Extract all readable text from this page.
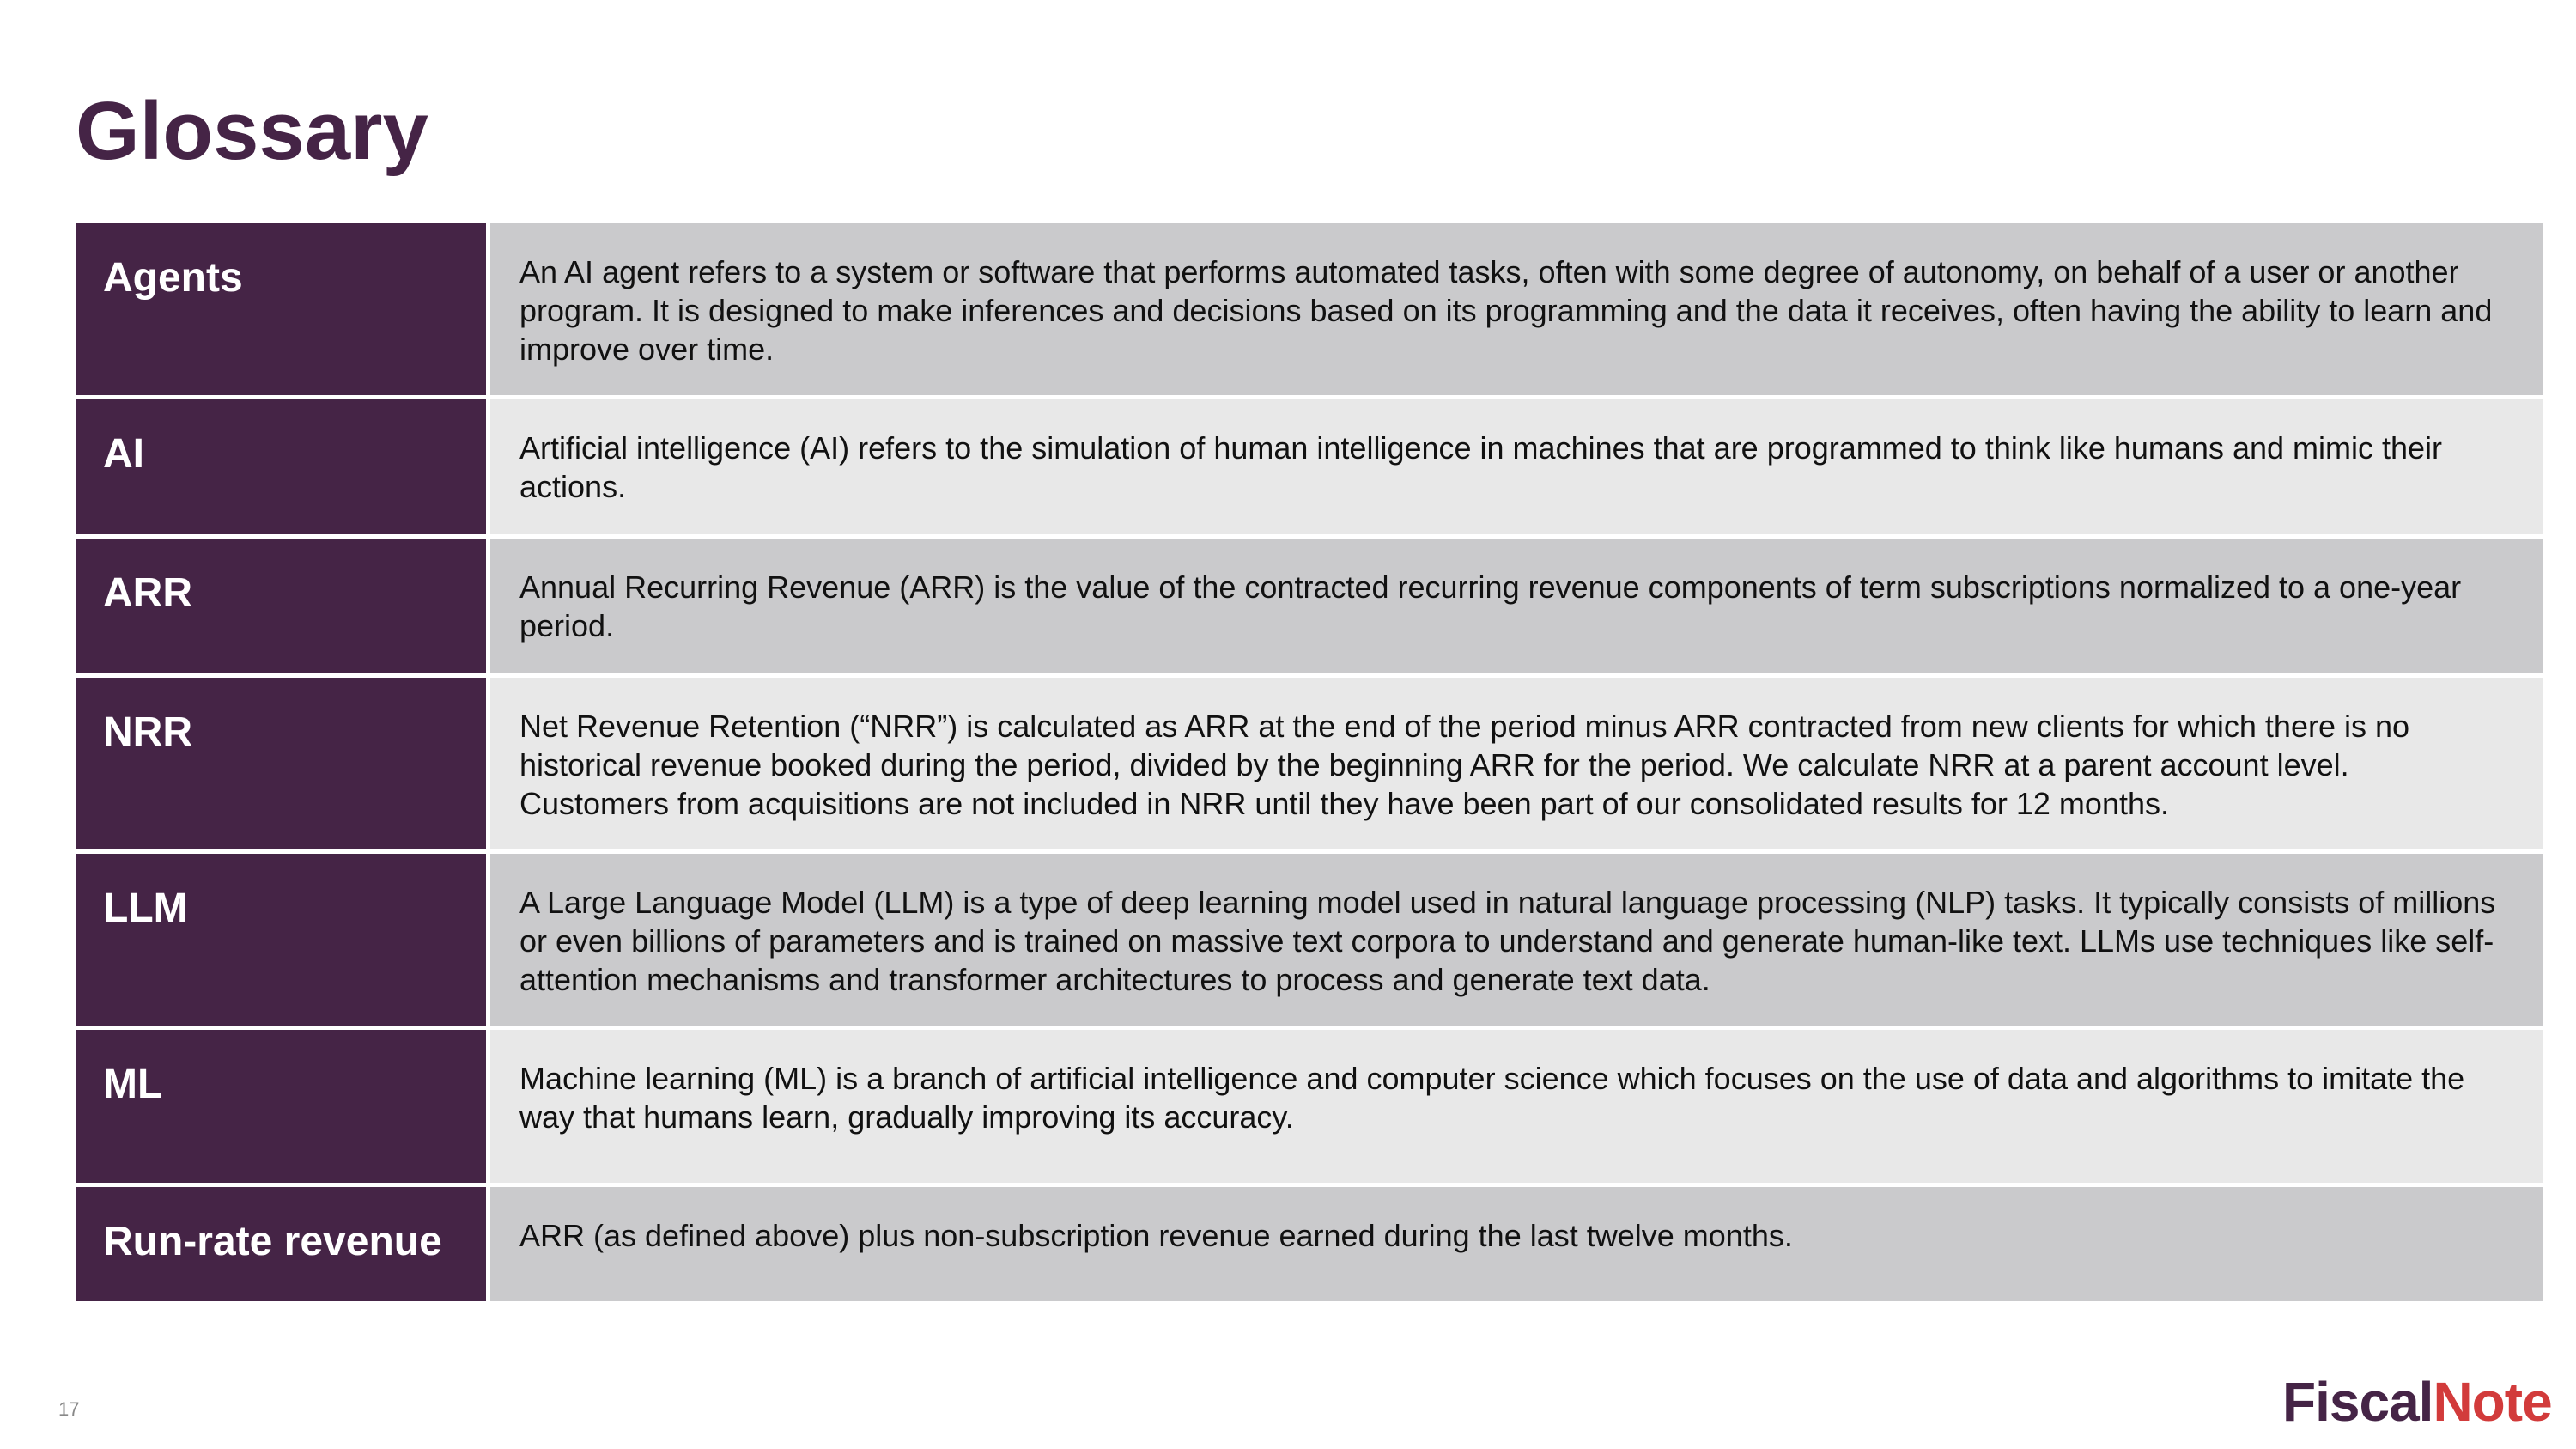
Glossary
Agents	An AI agent refers to a system or software that performs automated tasks, often with some degree of autonomy, on behalf of a user or another program. It is designed to make inferences and decisions based on its programming and the data it receives, often having the ability to learn and improve over time.
AI	Artificial intelligence (AI) refers to the simulation of human intelligence in machines that are programmed to think like humans and mimic their actions.
ARR	Annual Recurring Revenue (ARR) is the value of the contracted recurring revenue components of term subscriptions normalized to a one-year period.
NRR	Net Revenue Retention (“NRR”) is calculated as ARR at the end of the period minus ARR contracted from new clients for which there is no historical revenue booked during the period, divided by the beginning ARR for the period. We calculate NRR at a parent account level. Customers from acquisitions are not included in NRR until they have been part of our consolidated results for 12 months.
LLM	A Large Language Model (LLM) is a type of deep learning model used in natural language processing (NLP) tasks. It typically consists of millions or even billions of parameters and is trained on massive text corpora to understand and generate human-like text. LLMs use techniques like self-attention mechanisms and transformer architectures to process and generate text data.
ML	Machine learning (ML) is a branch of artificial intelligence and computer science which focuses on the use of data and algorithms to imitate the way that humans learn, gradually improving its accuracy.
Run-rate revenue	ARR (as defined above) plus non-subscription revenue earned during the last twelve months.
17	FiscalNote
